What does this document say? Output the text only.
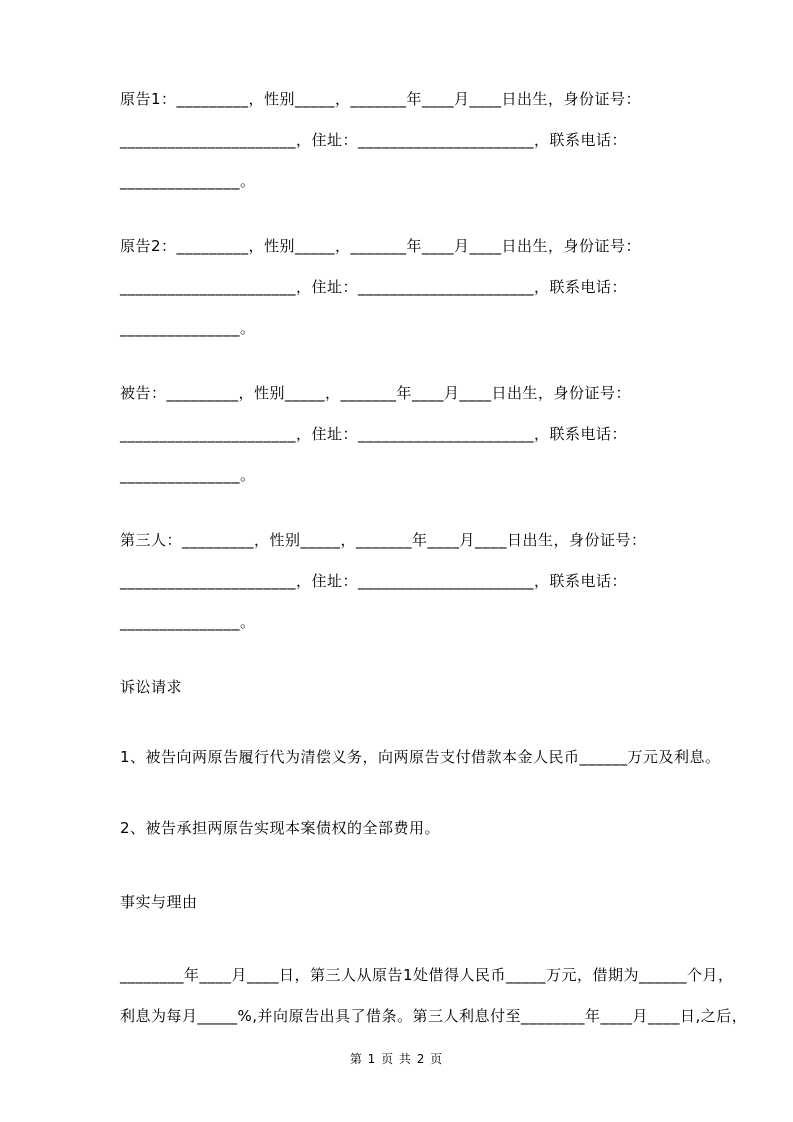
原告1：_________，性别_____，_______年____月____日出生，身份证号：
______________________，住址：______________________，联系电话：
_______________。

原告2：_________，性别_____，_______年____月____日出生，身份证号：
______________________，住址：______________________，联系电话：
_______________。

被告：_________，性别_____，_______年____月____日出生，身份证号：
______________________，住址：______________________，联系电话：
_______________。

第三人：_________，性别_____，_______年____月____日出生，身份证号：
______________________，住址：______________________，联系电话：
_______________。

诉讼请求

1、被告向两原告履行代为清偿义务，向两原告支付借款本金人民币______万元及利息。

2、被告承担两原告实现本案债权的全部费用。

事实与理由

________年____月____日，第三人从原告1处借得人民币_____万元，借期为______个月，
利息为每月_____%,并向原告出具了借条。第三人利息付至________年____月____日,之后，

第 1 页 共 2 页
